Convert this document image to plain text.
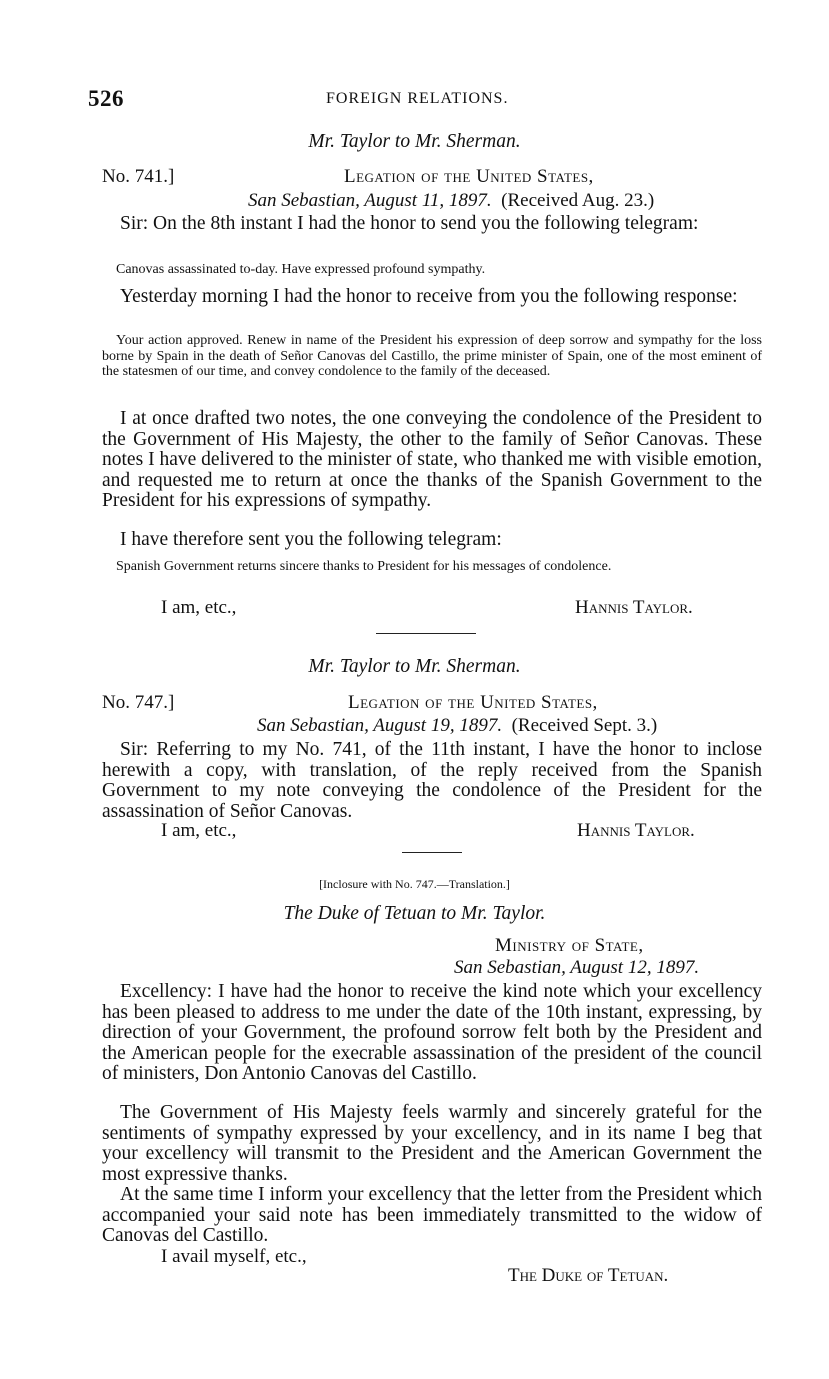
526	FOREIGN RELATIONS.
Mr. Taylor to Mr. Sherman.
No. 741.]	Legation of the United States,
San Sebastian, August 11, 1897. (Received Aug. 23.)
Sir: On the 8th instant I had the honor to send you the following telegram:
Canovas assassinated to-day. Have expressed profound sympathy.
Yesterday morning I had the honor to receive from you the following response:
Your action approved. Renew in name of the President his expression of deep sorrow and sympathy for the loss borne by Spain in the death of Señor Canovas del Castillo, the prime minister of Spain, one of the most eminent of the statesmen of our time, and convey condolence to the family of the deceased.
I at once drafted two notes, the one conveying the condolence of the President to the Government of His Majesty, the other to the family of Señor Canovas. These notes I have delivered to the minister of state, who thanked me with visible emotion, and requested me to return at once the thanks of the Spanish Government to the President for his expressions of sympathy.
I have therefore sent you the following telegram:
Spanish Government returns sincere thanks to President for his messages of condolence.
I am, etc.,	Hannis Taylor.
Mr. Taylor to Mr. Sherman.
No. 747.]	Legation of the United States,
San Sebastian, August 19, 1897. (Received Sept. 3.)
Sir: Referring to my No. 741, of the 11th instant, I have the honor to inclose herewith a copy, with translation, of the reply received from the Spanish Government to my note conveying the condolence of the President for the assassination of Señor Canovas.
I am, etc.,	Hannis Taylor.
[Inclosure with No. 747.—Translation.]
The Duke of Tetuan to Mr. Taylor.
Ministry of State,
San Sebastian, August 12, 1897.
Excellency: I have had the honor to receive the kind note which your excellency has been pleased to address to me under the date of the 10th instant, expressing, by direction of your Government, the profound sorrow felt both by the President and the American people for the execrable assassination of the president of the council of ministers, Don Antonio Canovas del Castillo.
The Government of His Majesty feels warmly and sincerely grateful for the sentiments of sympathy expressed by your excellency, and in its name I beg that your excellency will transmit to the President and the American Government the most expressive thanks.
At the same time I inform your excellency that the letter from the President which accompanied your said note has been immediately transmitted to the widow of Canovas del Castillo.
I avail myself, etc.,
The Duke of Tetuan.
